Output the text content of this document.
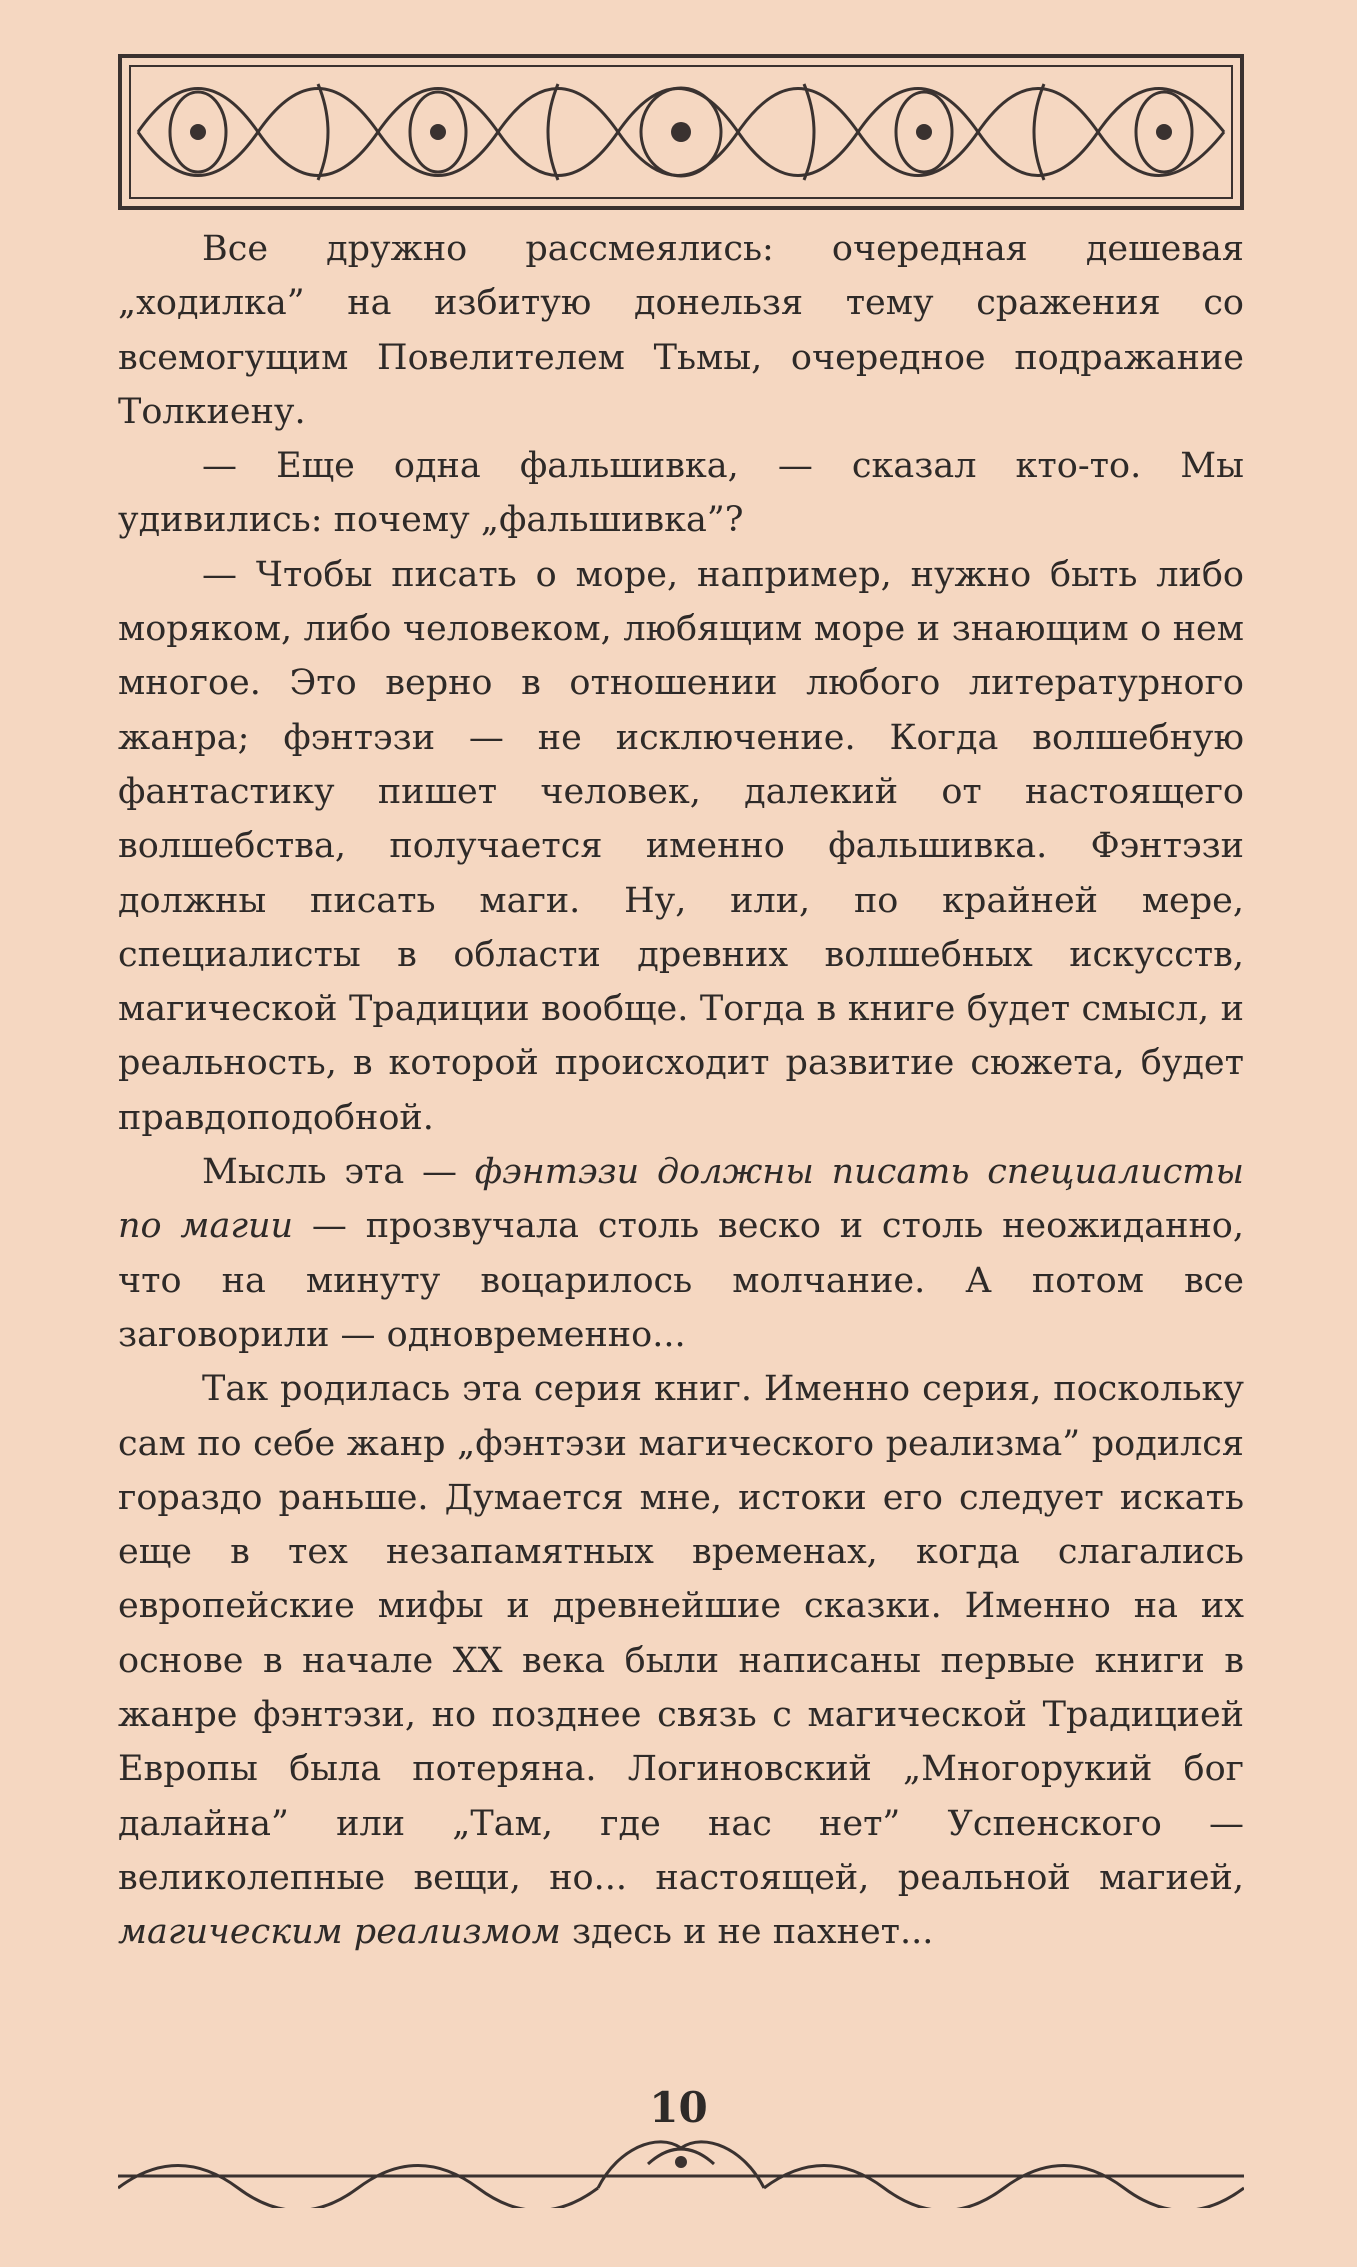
Все дружно рассмеялись: очередная дешевая „ходилка” на избитую донельзя тему сражения со всемогущим Повелителем Тьмы, очередное подражание Толкиену.

— Еще одна фальшивка, — сказал кто-то. Мы удивились: почему „фальшивка”?

— Чтобы писать о море, например, нужно быть либо моряком, либо человеком, любящим море и знающим о нем многое. Это верно в отношении любого литературного жанра; фэнтэзи — не исключение. Когда волшебную фантастику пишет человек, далекий от настоящего волшебства, получается именно фальшивка. Фэнтэзи должны писать маги. Ну, или, по крайней мере, специалисты в области древних волшебных искусств, магической Традиции вообще. Тогда в книге будет смысл, и реальность, в которой происходит развитие сюжета, будет правдоподобной.

Мысль эта — фэнтэзи должны писать специалисты по магии — прозвучала столь веско и столь неожиданно, что на минуту воцарилось молчание. А потом все заговорили — одновременно...

Так родилась эта серия книг. Именно серия, поскольку сам по себе жанр „фэнтэзи магического реализма” родился гораздо раньше. Думается мне, истоки его следует искать еще в тех незапамятных временах, когда слагались европейские мифы и древнейшие сказки. Именно на их основе в начале XX века были написаны первые книги в жанре фэнтэзи, но позднее связь с магической Традицией Европы была потеряна. Логиновский „Многорукий бог далайна” или „Там, где нас нет” Успенского — великолепные вещи, но... настоящей, реальной магией, магическим реализмом здесь и не пахнет...

10
